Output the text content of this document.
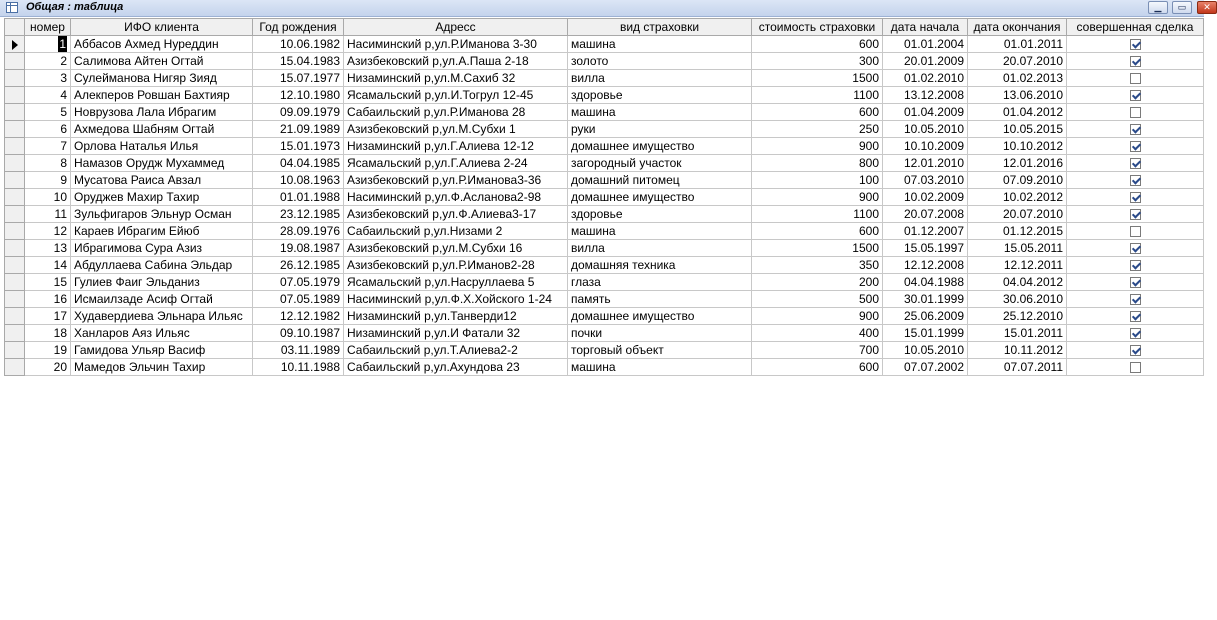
Общая : таблица	▁	▭	✕
	номер	ИФО клиента	Год рождения	Адресс	вид страховки	стоимость страховки	дата начала	дата окончания	совершенная сделка
	1	Аббасов Ахмед Нуреддин	10.06.1982	Насиминский р,ул.Р.Иманова 3-30	машина	600	01.01.2004	01.01.2011	
	2	Салимова Айтен Огтай	15.04.1983	Азизбековский р,ул.А.Паша 2-18	золото	300	20.01.2009	20.07.2010	
	3	Сулейманова Нигяр Зияд	15.07.1977	Низаминский р,ул.М.Сахиб 32	вилла	1500	01.02.2010	01.02.2013	
	4	Алекперов Ровшан Бахтияр	12.10.1980	Ясамальский р,ул.И.Тогрул 12-45	здоровье	1100	13.12.2008	13.06.2010	
	5	Новрузова Лала Ибрагим	09.09.1979	Сабаильский р,ул.Р.Иманова 28	машина	600	01.04.2009	01.04.2012	
	6	Ахмедова Шабням Огтай	21.09.1989	Азизбековский р,ул.М.Субхи 1	руки	250	10.05.2010	10.05.2015	
	7	Орлова Наталья Илья	15.01.1973	Низаминский р,ул.Г.Алиева 12-12	домашнее имущество	900	10.10.2009	10.10.2012	
	8	Намазов Орудж Мухаммед	04.04.1985	Ясамальский р,ул.Г.Алиева 2-24	загородный участок	800	12.01.2010	12.01.2016	
	9	Мусатова Раиса Авзал	10.08.1963	Азизбековский р,ул.Р.Иманова3-36	домашний питомец	100	07.03.2010	07.09.2010	
	10	Оруджев Махир Тахир	01.01.1988	Насиминский р,ул.Ф.Асланова2-98	домашнее имущество	900	10.02.2009	10.02.2012	
	11	Зульфигаров Эльнур Осман	23.12.1985	Азизбековский р,ул.Ф.Алиева3-17	здоровье	1100	20.07.2008	20.07.2010	
	12	Караев Ибрагим Ейюб	28.09.1976	Сабаильский р,ул.Низами 2	машина	600	01.12.2007	01.12.2015	
	13	Ибрагимова Сура Азиз	19.08.1987	Азизбековский р,ул.М.Субхи 16	вилла	1500	15.05.1997	15.05.2011	
	14	Абдуллаева Сабина Эльдар	26.12.1985	Азизбековский р,ул.Р.Иманов2-28	домашняя техника	350	12.12.2008	12.12.2011	
	15	Гулиев Фаиг Эльданиз	07.05.1979	Ясамальский р,ул.Насруллаева 5	глаза	200	04.04.1988	04.04.2012	
	16	Исмаилзаде Асиф Огтай	07.05.1989	Насиминский р,ул.Ф.Х.Хойского 1-24	память	500	30.01.1999	30.06.2010	
	17	Худавердиева Эльнара Ильяс	12.12.1982	Низаминский р,ул.Танверди12	домашнее имущество	900	25.06.2009	25.12.2010	
	18	Ханларов Аяз Ильяс	09.10.1987	Низаминский р,ул.И Фатали 32	почки	400	15.01.1999	15.01.2011	
	19	Гамидова Ульяр Васиф	03.11.1989	Сабаильский р,ул.Т.Алиева2-2	торговый объект	700	10.05.2010	10.11.2012	
	20	Мамедов Эльчин Тахир	10.11.1988	Сабаильский р,ул.Ахундова 23	машина	600	07.07.2002	07.07.2011	
